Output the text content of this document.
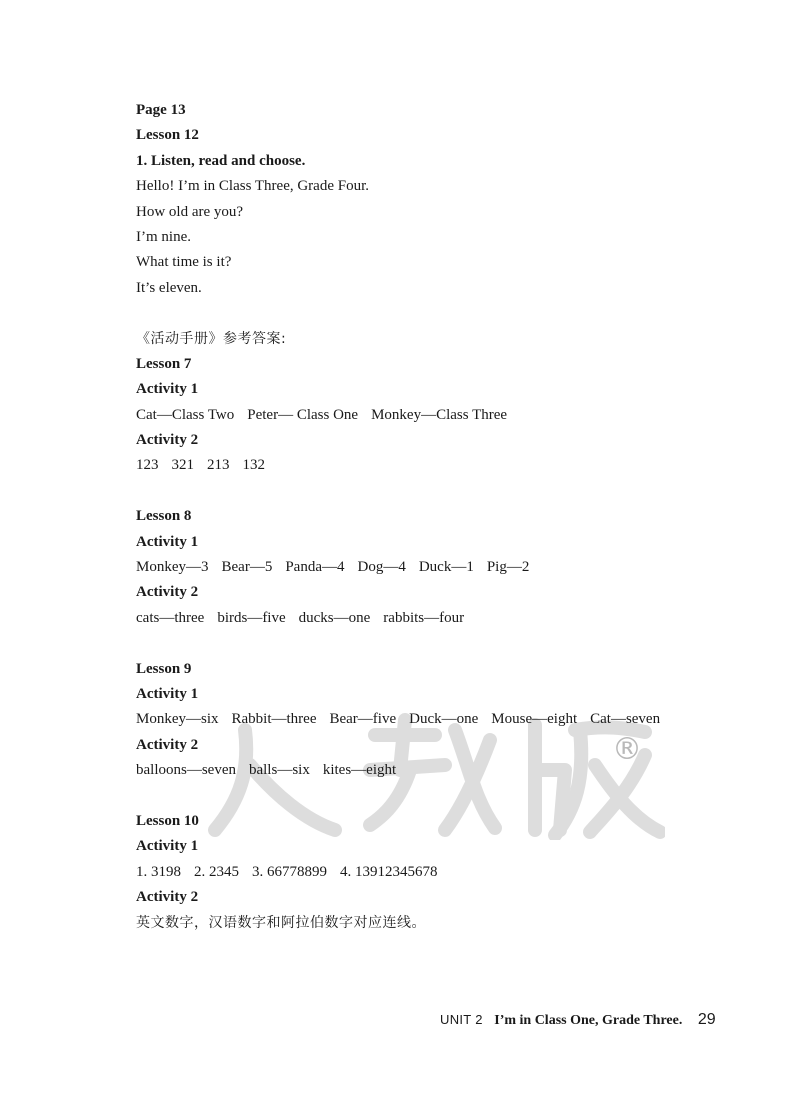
®
Page 13
Lesson 12
1. Listen, read and choose.
Hello! I’m in Class Three, Grade Four.
How old are you?
I’m nine.
What time is it?
It’s eleven.
《活动手册》参考答案:
Lesson 7
Activity 1
Cat—Class Two Peter— Class One Monkey—Class Three
Activity 2
123 321 213 132
Lesson 8
Activity 1
Monkey—3 Bear—5 Panda—4 Dog—4 Duck—1 Pig—2
Activity 2
cats—three birds—five ducks—one rabbits—four
Lesson 9
Activity 1
Monkey—six Rabbit—three Bear—five Duck—one Mouse—eight Cat—seven
Activity 2
balloons—seven balls—six kites—eight
Lesson 10
Activity 1
1. 3198 2. 2345 3. 66778899 4. 13912345678
Activity 2
英文数字，汉语数字和阿拉伯数字对应连线。
UNIT 2 I’m in Class One, Grade Three. 29
